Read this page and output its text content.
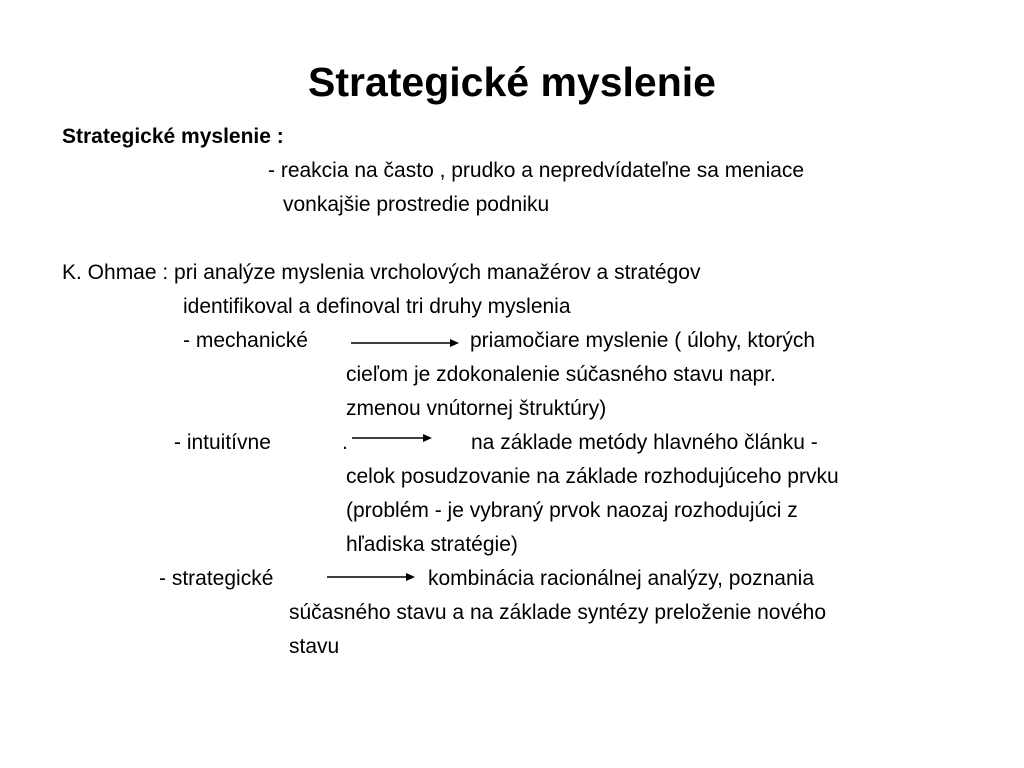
Strategické myslenie
Strategické myslenie :
- reakcia na často , prudko a nepredvídateľne sa meniace
vonkajšie prostredie podniku
K. Ohmae : pri analýze myslenia vrcholových manažérov a stratégov
identifikoval a definoval tri druhy myslenia
- mechanické	priamočiare myslenie ( úlohy, ktorých
cieľom je zdokonalenie súčasného stavu napr.
zmenou vnútornej štruktúry)
- intuitívne	.	na základe metódy hlavného článku -
celok posudzovanie na základe rozhodujúceho prvku
(problém - je vybraný prvok naozaj rozhodujúci z
hľadiska stratégie)
- strategické	kombinácia racionálnej analýzy, poznania
súčasného stavu a na základe syntézy preloženie nového
stavu
